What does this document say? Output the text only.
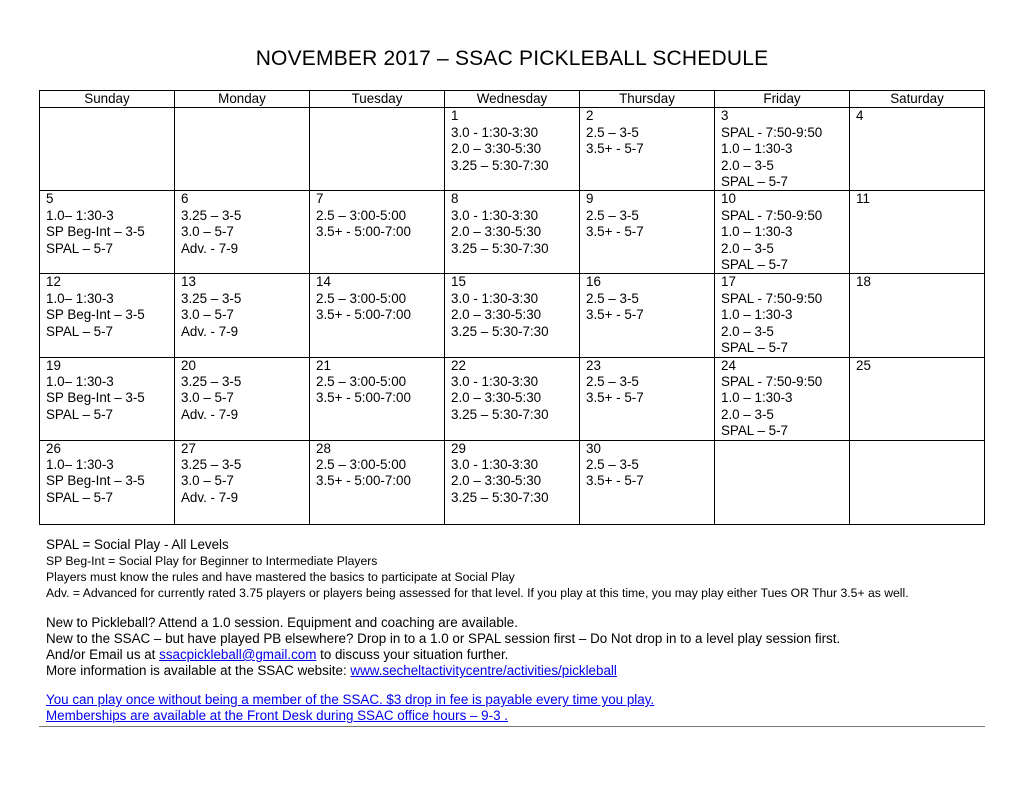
NOVEMBER 2017 – SSAC PICKLEBALL SCHEDULE
Sunday	Monday	Tuesday	Wednesday	Thursday	Friday	Saturday

			1
3.0 - 1:30-3:30
2.0 – 3:30-5:30
3.25 – 5:30-7:30	2
2.5 – 3-5
3.5+ - 5-7	3
SPAL - 7:50-9:50
1.0 – 1:30-3
2.0 – 3-5
SPAL – 5-7	4

5
1.0– 1:30-3
SP Beg-Int – 3-5
SPAL – 5-7	6
3.25 – 3-5
3.0 – 5-7
Adv. - 7-9	7
2.5 – 3:00-5:00
3.5+ - 5:00-7:00	8
3.0 - 1:30-3:30
2.0 – 3:30-5:30
3.25 – 5:30-7:30	9
2.5 – 3-5
3.5+ - 5-7	10
SPAL - 7:50-9:50
1.0 – 1:30-3
2.0 – 3-5
SPAL – 5-7	11

12
1.0– 1:30-3
SP Beg-Int – 3-5
SPAL – 5-7	13
3.25 – 3-5
3.0 – 5-7
Adv. - 7-9	14
2.5 – 3:00-5:00
3.5+ - 5:00-7:00	15
3.0 - 1:30-3:30
2.0 – 3:30-5:30
3.25 – 5:30-7:30	16
2.5 – 3-5
3.5+ - 5-7	17
SPAL - 7:50-9:50
1.0 – 1:30-3
2.0 – 3-5
SPAL – 5-7	18

19
1.0– 1:30-3
SP Beg-Int – 3-5
SPAL – 5-7	20
3.25 – 3-5
3.0 – 5-7
Adv. - 7-9	21
2.5 – 3:00-5:00
3.5+ - 5:00-7:00	22
3.0 - 1:30-3:30
2.0 – 3:30-5:30
3.25 – 5:30-7:30	23
2.5 – 3-5
3.5+ - 5-7	24
SPAL - 7:50-9:50
1.0 – 1:30-3
2.0 – 3-5
SPAL – 5-7	25

26
1.0– 1:30-3
SP Beg-Int – 3-5
SPAL – 5-7	27
3.25 – 3-5
3.0 – 5-7
Adv. - 7-9	28
2.5 – 3:00-5:00
3.5+ - 5:00-7:00	29
3.0 - 1:30-3:30
2.0 – 3:30-5:30
3.25 – 5:30-7:30	30
2.5 – 3-5
3.5+ - 5-7		

SPAL = Social Play - All Levels
SP Beg-Int = Social Play for Beginner to Intermediate Players
Players must know the rules and have mastered the basics to participate at Social Play
Adv. = Advanced for currently rated 3.75 players or players being assessed for that level. If you play at this time, you may play either Tues OR Thur 3.5+ as well.
New to Pickleball? Attend a 1.0 session. Equipment and coaching are available.
New to the SSAC – but have played PB elsewhere? Drop in to a 1.0 or SPAL session first – Do Not drop in to a level play session first.
And/or Email us at ssacpickleball@gmail.com to discuss your situation further.
More information is available at the SSAC website: www.secheltactivitycentre/activities/pickleball
You can play once without being a member of the SSAC. $3 drop in fee is payable every time you play.
Memberships are available at the Front Desk during SSAC office hours – 9-3 .
